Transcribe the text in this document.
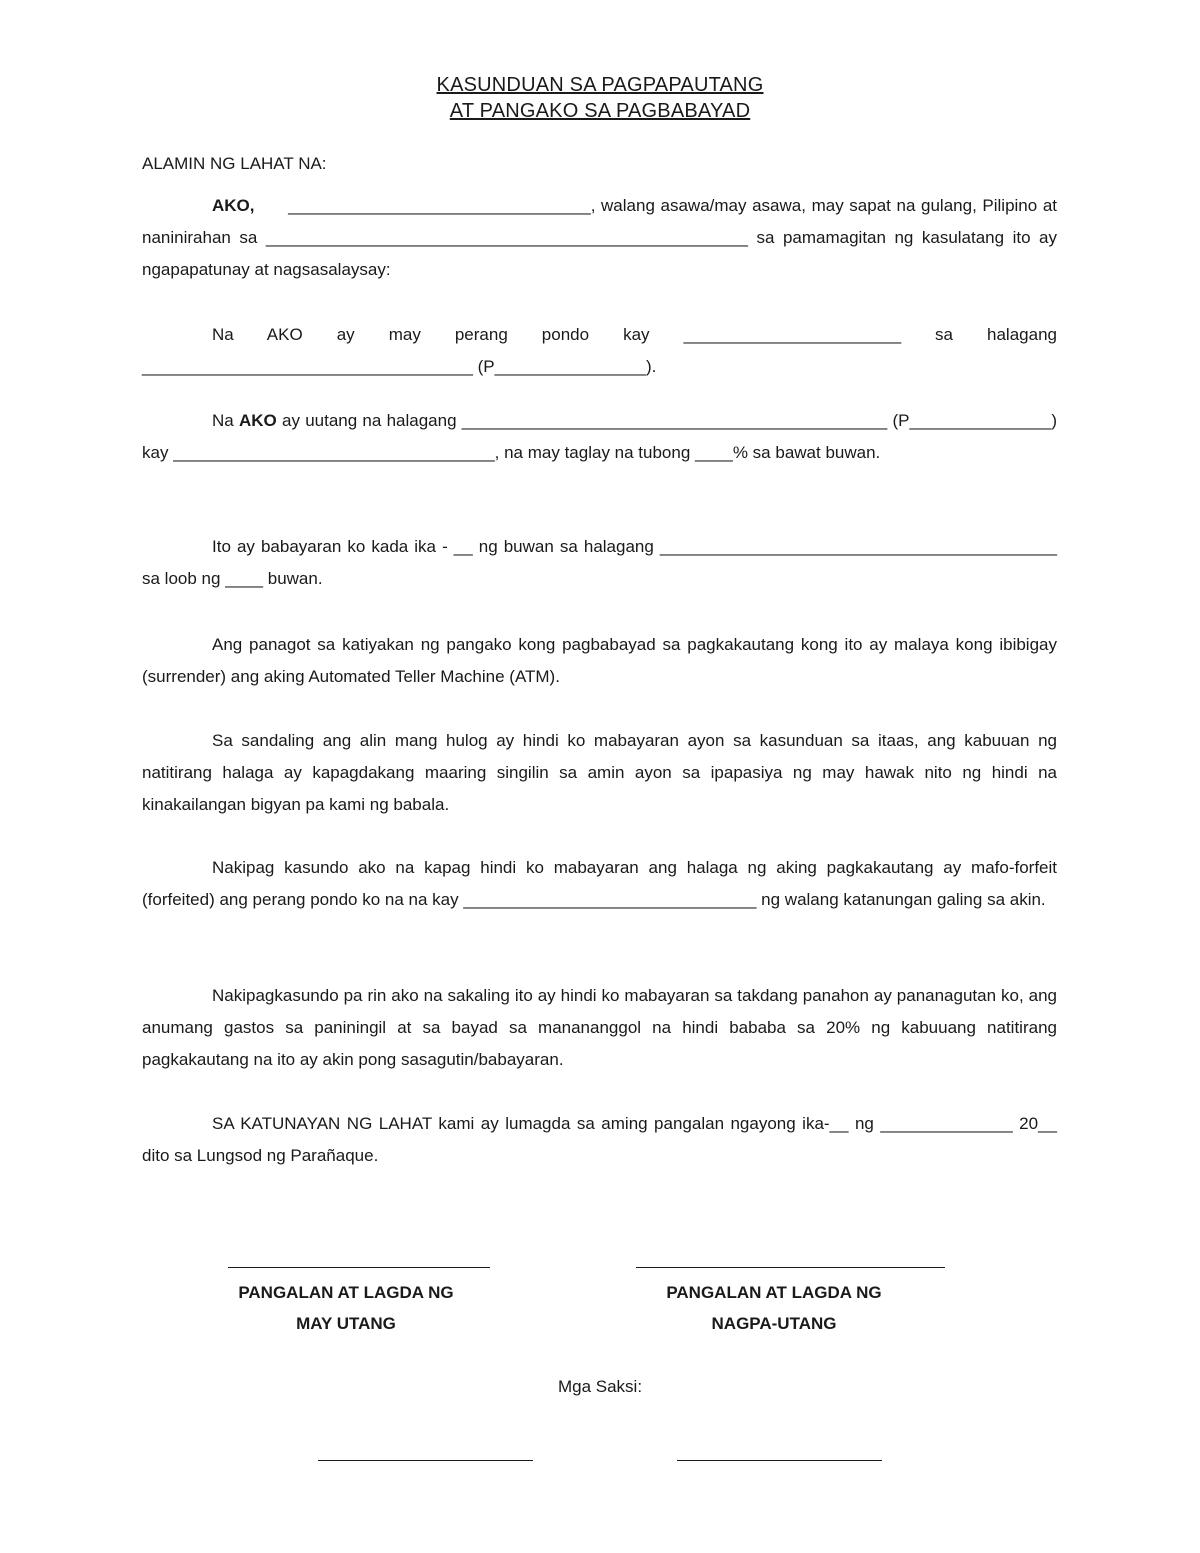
KASUNDUAN SA PAGPAPAUTANG
AT PANGAKO SA PAGBABAYAD
ALAMIN NG LAHAT NA:

AKO, ________________________________, walang asawa/may asawa, may sapat na gulang, Pilipino at naninirahan sa ___________________________________________________ sa pamamagitan ng kasulatang ito ay ngapapatunay at nagsasalaysay:

Na AKO ay may perang pondo kay _______________________ sa halagang ___________________________________ (P________________).

Na AKO ay uutang na halagang _____________________________________________ (P_______________) kay __________________________________, na may taglay na tubong ____% sa bawat buwan.

Ito ay babayaran ko kada ika - __ ng buwan sa halagang __________________________________________ sa loob ng ____ buwan.

Ang panagot sa katiyakan ng pangako kong pagbabayad sa pagkakautang kong ito ay malaya kong ibibigay (surrender) ang aking Automated Teller Machine (ATM).

Sa sandaling ang alin mang hulog ay hindi ko mabayaran ayon sa kasunduan sa itaas, ang kabuuan ng natitirang halaga ay kapagdakang maaring singilin sa amin ayon sa ipapasiya ng may hawak nito ng hindi na kinakailangan bigyan pa kami ng babala.

Nakipag kasundo ako na kapag hindi ko mabayaran ang halaga ng aking pagkakautang ay mafo-forfeit (forfeited) ang perang pondo ko na na kay _______________________________ ng walang katanungan galing sa akin.

Nakipagkasundo pa rin ako na sakaling ito ay hindi ko mabayaran sa takdang panahon ay pananagutan ko, ang anumang gastos sa paniningil at sa bayad sa manananggol na hindi bababa sa 20% ng kabuuang natitirang pagkakautang na ito ay akin pong sasagutin/babayaran.

SA KATUNAYAN NG LAHAT kami ay lumagda sa aming pangalan ngayong ika-__ ng ______________ 20__ dito sa Lungsod ng Parañaque.

PANGALAN AT LAGDA NG
MAY UTANG
PANGALAN AT LAGDA NG
NAGPA-UTANG
Mga Saksi:
